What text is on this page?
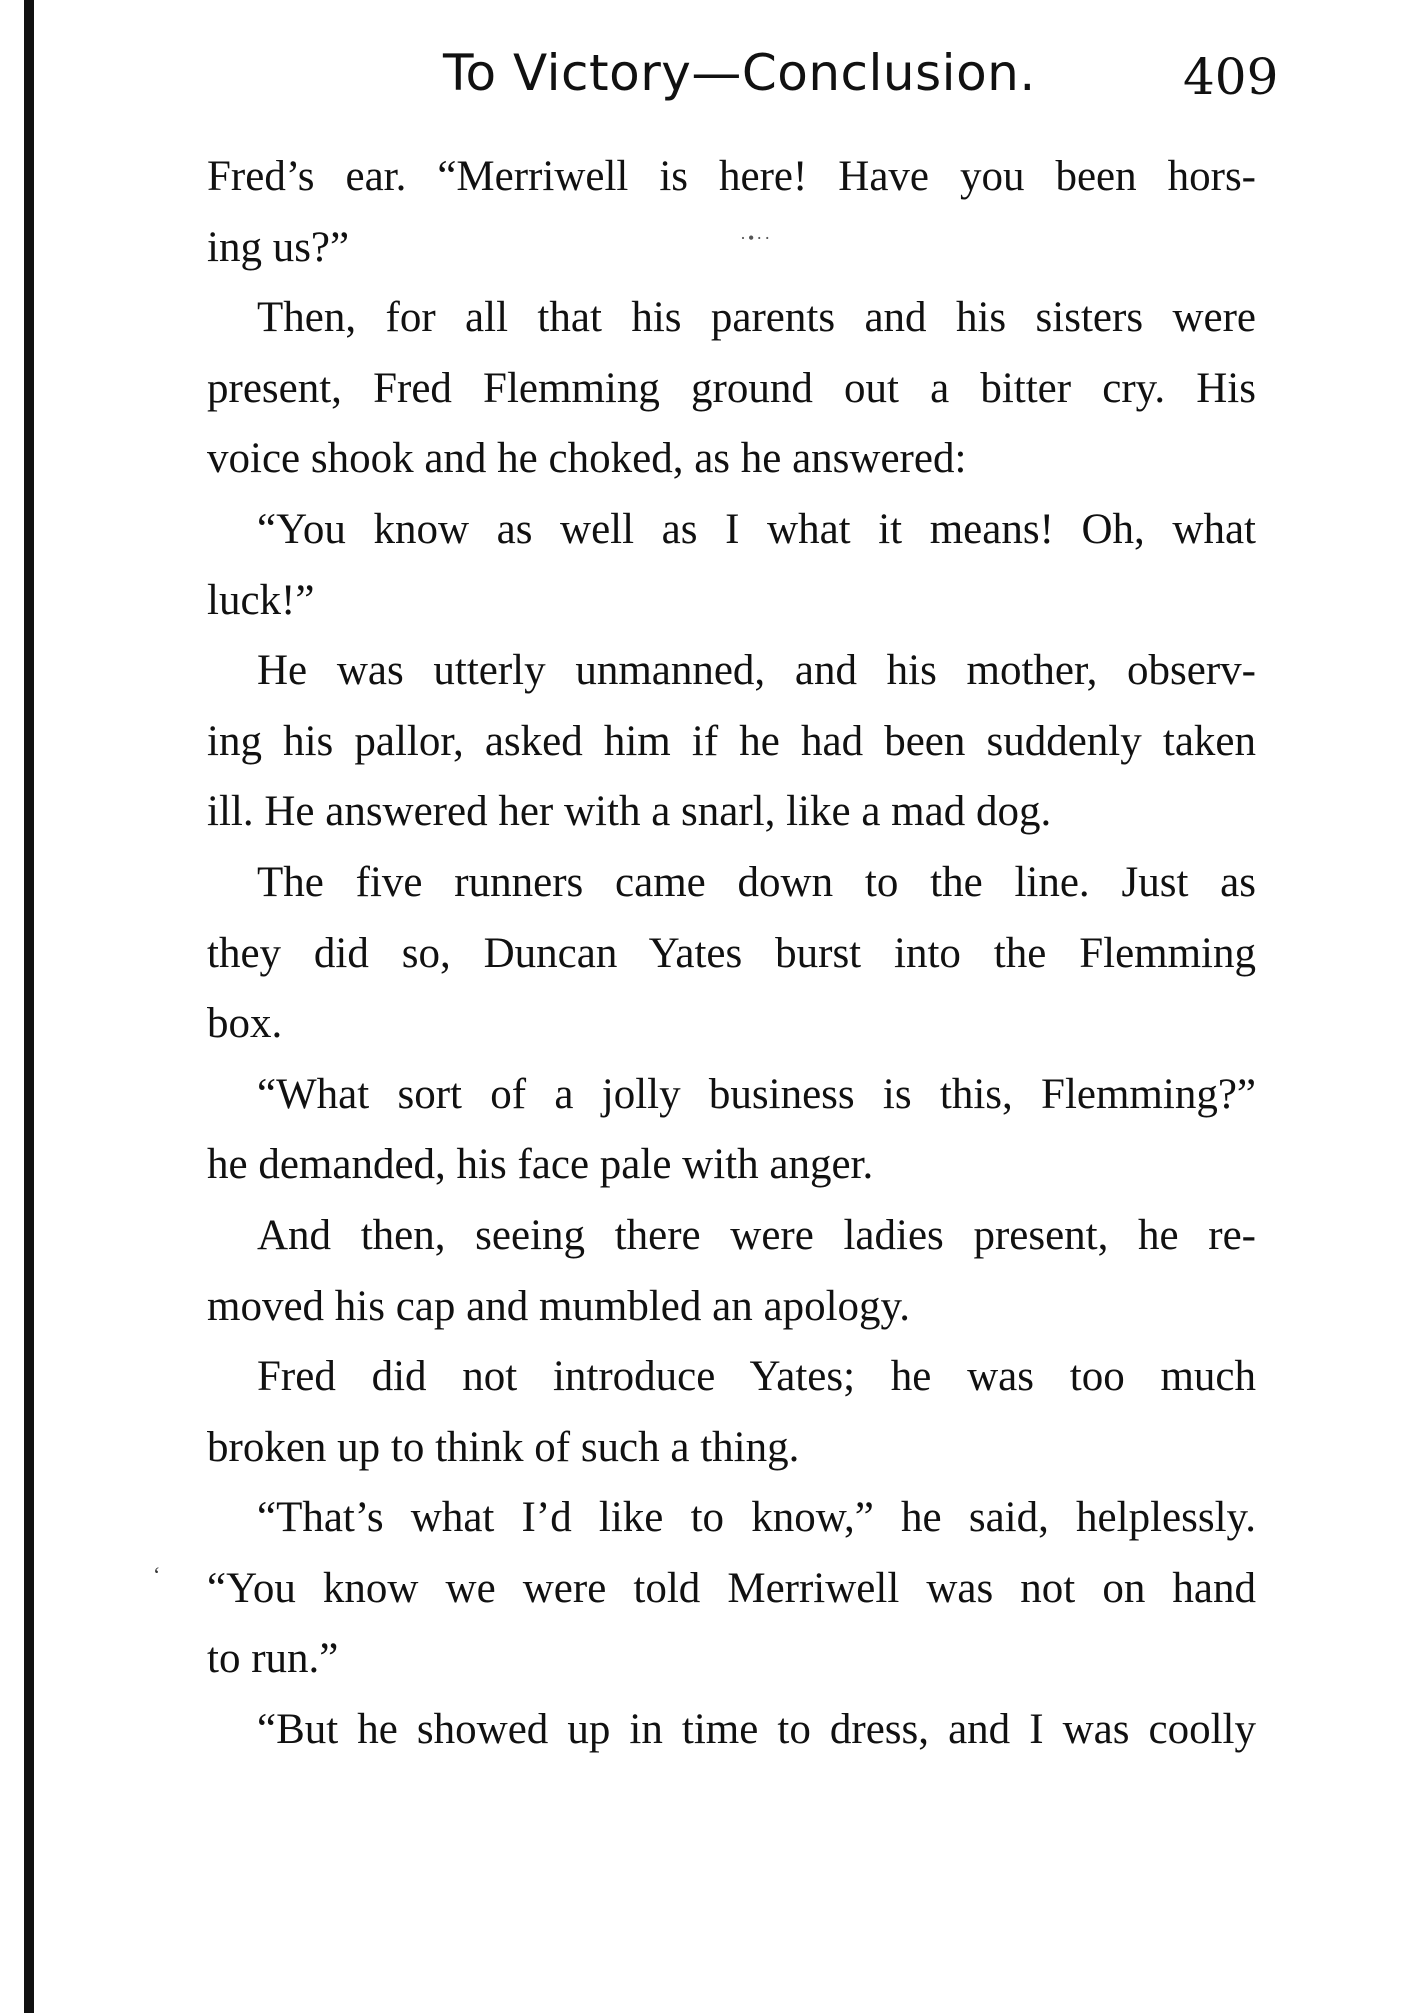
To Victory—Conclusion.	409
·•··
‘
Fred’s ear. “Merriwell is here! Have you been hors-
ing us?”
Then, for all that his parents and his sisters were
present, Fred Flemming ground out a bitter cry. His
voice shook and he choked, as he answered:
“You know as well as I what it means! Oh, what
luck!”
He was utterly unmanned, and his mother, observ-
ing his pallor, asked him if he had been suddenly taken
ill. He answered her with a snarl, like a mad dog.
The five runners came down to the line. Just as
they did so, Duncan Yates burst into the Flemming
box.
“What sort of a jolly business is this, Flemming?”
he demanded, his face pale with anger.
And then, seeing there were ladies present, he re-
moved his cap and mumbled an apology.
Fred did not introduce Yates; he was too much
broken up to think of such a thing.
“That’s what I’d like to know,” he said, helplessly.
“You know we were told Merriwell was not on hand
to run.”
“But he showed up in time to dress, and I was coolly
